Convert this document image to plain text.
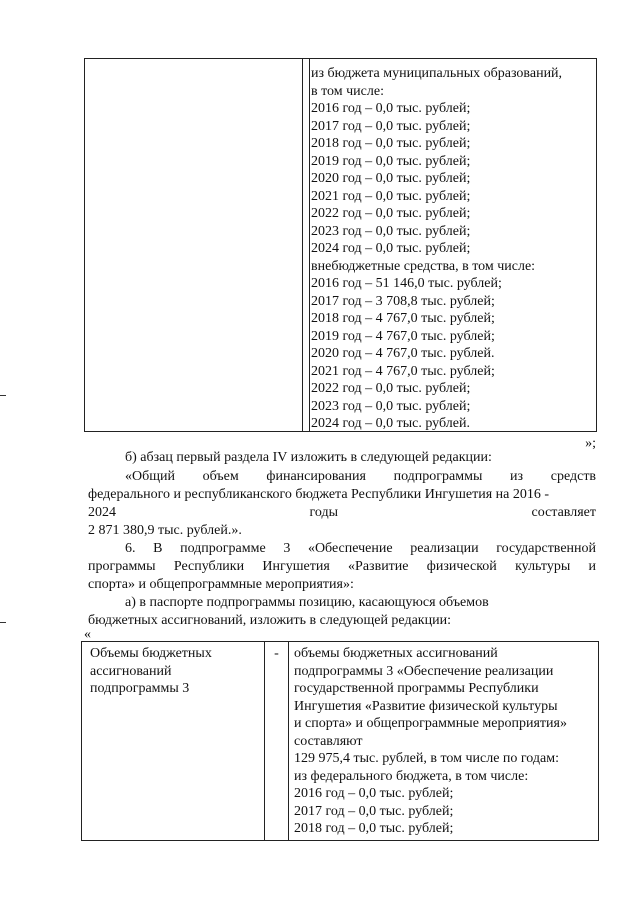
из бюджета муниципальных образований,
в том числе:
2016 год – 0,0 тыс. рублей;
2017 год – 0,0 тыс. рублей;
2018 год – 0,0 тыс. рублей;
2019 год – 0,0 тыс. рублей;
2020 год – 0,0 тыс. рублей;
2021 год – 0,0 тыс. рублей;
2022 год – 0,0 тыс. рублей;
2023 год – 0,0 тыс. рублей;
2024 год – 0,0 тыс. рублей;
внебюджетные средства, в том числе:
2016 год – 51 146,0 тыс. рублей;
2017 год – 3 708,8 тыс. рублей;
2018 год – 4 767,0 тыс. рублей;
2019 год – 4 767,0 тыс. рублей;
2020 год – 4 767,0 тыс. рублей.
2021 год – 4 767,0 тыс. рублей;
2022 год – 0,0 тыс. рублей;
2023 год – 0,0 тыс. рублей;
2024 год – 0,0 тыс. рублей.
»;
б) абзац первый раздела IV изложить в следующей редакции:
«Общий объем финансирования подпрограммы из средств
федерального и республиканского бюджета Республики Ингушетия на 2016 -
2024	годы	составляет
2 871 380,9 тыс. рублей.».
6. В подпрограмме 3 «Обеспечение реализации государственной
программы Республики Ингушетия «Развитие физической культуры и
спорта» и общепрограммные мероприятия»:
а) в паспорте подпрограммы позицию, касающуюся объемов
бюджетных ассигнований, изложить в следующей редакции:
«
Объемы бюджетных
ассигнований
подпрограммы 3
-	объемы бюджетных ассигнований
подпрограммы 3 «Обеспечение реализации
государственной программы Республики
Ингушетия «Развитие физической культуры
и спорта» и общепрограммные мероприятия»
составляют
129 975,4 тыс. рублей, в том числе по годам:
из федерального бюджета, в том числе:
2016 год – 0,0 тыс. рублей;
2017 год – 0,0 тыс. рублей;
2018 год – 0,0 тыс. рублей;
